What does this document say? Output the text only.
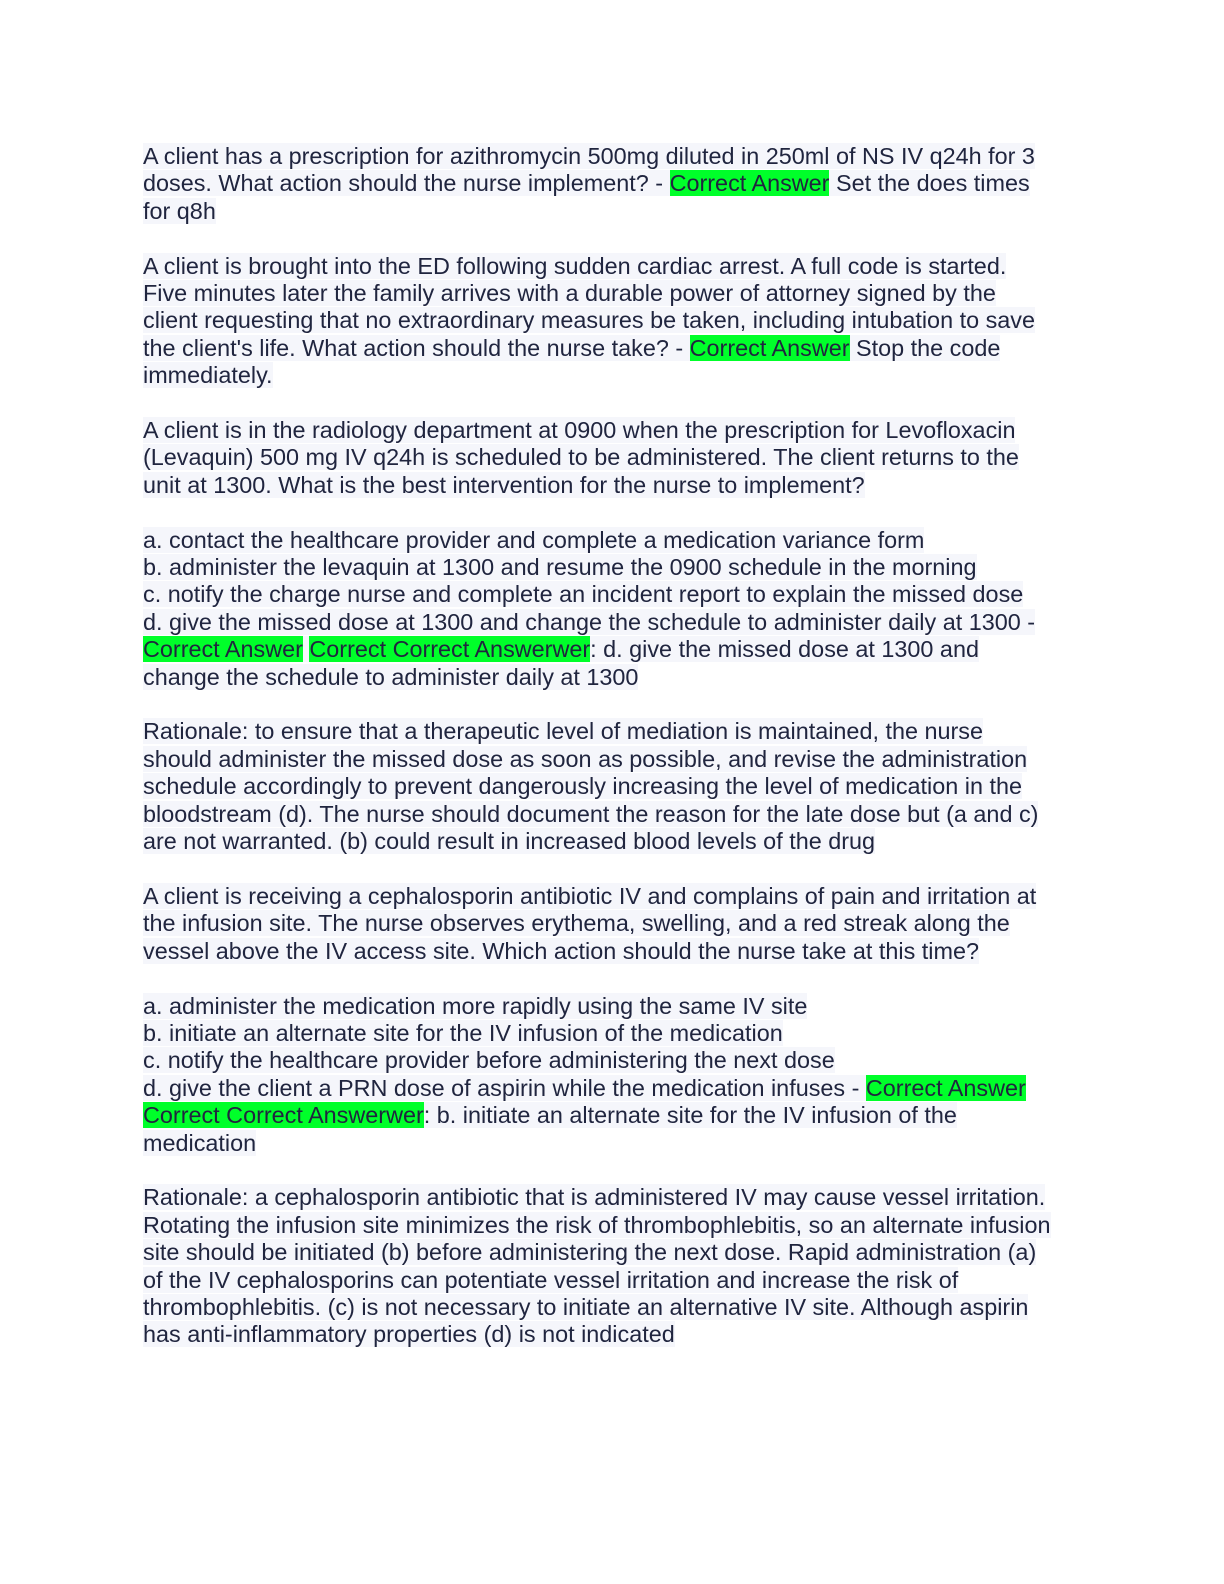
A client has a prescription for azithromycin 500mg diluted in 250ml of NS IV q24h for 3
doses. What action should the nurse implement? - Correct Answer Set the does times
for q8h
A client is brought into the ED following sudden cardiac arrest. A full code is started.
Five minutes later the family arrives with a durable power of attorney signed by the
client requesting that no extraordinary measures be taken, including intubation to save
the client's life. What action should the nurse take? - Correct Answer Stop the code
immediately.
A client is in the radiology department at 0900 when the prescription for Levofloxacin
(Levaquin) 500 mg IV q24h is scheduled to be administered. The client returns to the
unit at 1300. What is the best intervention for the nurse to implement?
a. contact the healthcare provider and complete a medication variance form
b. administer the levaquin at 1300 and resume the 0900 schedule in the morning
c. notify the charge nurse and complete an incident report to explain the missed dose
d. give the missed dose at 1300 and change the schedule to administer daily at 1300 -
Correct Answer Correct Correct Answerwer: d. give the missed dose at 1300 and
change the schedule to administer daily at 1300
Rationale: to ensure that a therapeutic level of mediation is maintained, the nurse
should administer the missed dose as soon as possible, and revise the administration
schedule accordingly to prevent dangerously increasing the level of medication in the
bloodstream (d). The nurse should document the reason for the late dose but (a and c)
are not warranted. (b) could result in increased blood levels of the drug
A client is receiving a cephalosporin antibiotic IV and complains of pain and irritation at
the infusion site. The nurse observes erythema, swelling, and a red streak along the
vessel above the IV access site. Which action should the nurse take at this time?
a. administer the medication more rapidly using the same IV site
b. initiate an alternate site for the IV infusion of the medication
c. notify the healthcare provider before administering the next dose
d. give the client a PRN dose of aspirin while the medication infuses - Correct Answer
Correct Correct Answerwer: b. initiate an alternate site for the IV infusion of the
medication
Rationale: a cephalosporin antibiotic that is administered IV may cause vessel irritation.
Rotating the infusion site minimizes the risk of thrombophlebitis, so an alternate infusion
site should be initiated (b) before administering the next dose. Rapid administration (a)
of the IV cephalosporins can potentiate vessel irritation and increase the risk of
thrombophlebitis. (c) is not necessary to initiate an alternative IV site. Although aspirin
has anti-inflammatory properties (d) is not indicated
